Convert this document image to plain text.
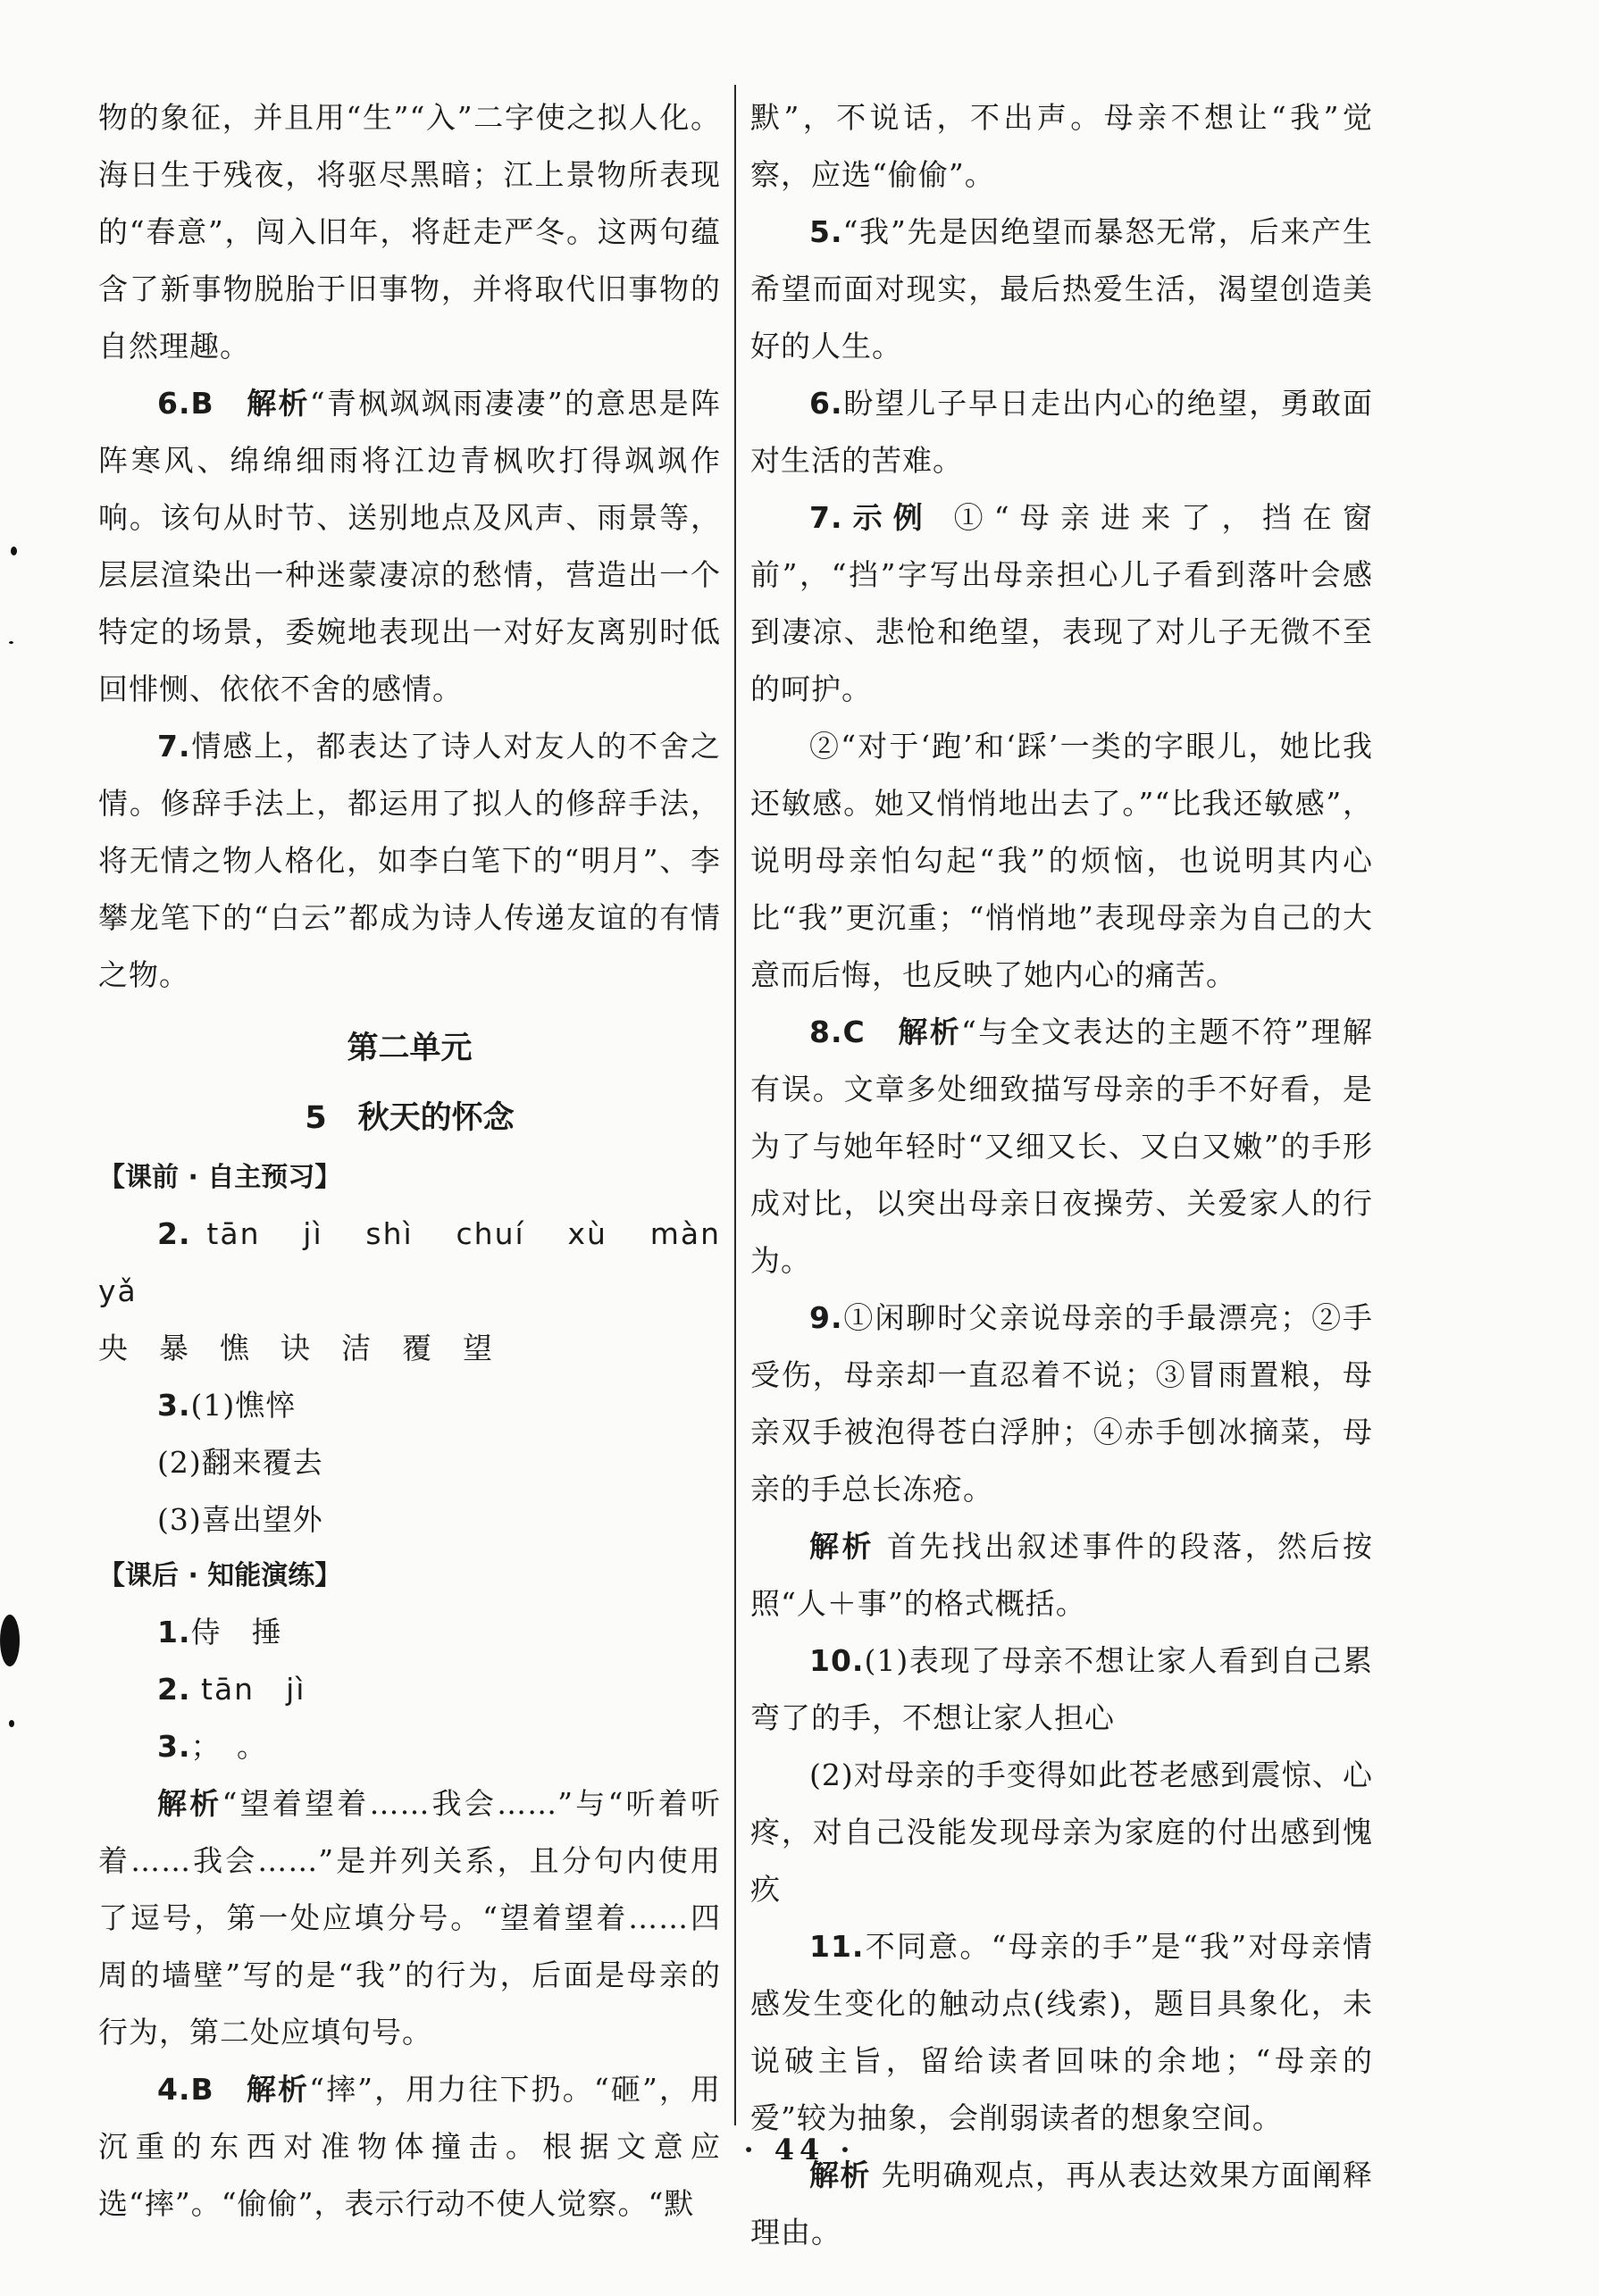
物的象征，并且用“生”“入”二字使之拟人化。海日生于残夜，将驱尽黑暗；江上景物所表现的“春意”，闯入旧年，将赶走严冬。这两句蕴含了新事物脱胎于旧事物，并将取代旧事物的自然理趣。

6.B　 解析“青枫飒飒雨凄凄”的意思是阵阵寒风、绵绵细雨将江边青枫吹打得飒飒作响。该句从时节、送别地点及风声、雨景等，层层渲染出一种迷蒙凄凉的愁情，营造出一个特定的场景，委婉地表现出一对好友离别时低回悱恻、依依不舍的感情。

7.情感上，都表达了诗人对友人的不舍之情。修辞手法上，都运用了拟人的修辞手法，将无情之物人格化，如李白笔下的“明月”、李攀龙笔下的“白云”都成为诗人传递友谊的有情之物。

第二单元
5　秋天的怀念
【课前 · 自主预习】

2. tān　jì　shì　chuí　xù　màn　yǎ

央　暴　憔　诀　洁　覆　望

3.(1)憔悴

(2)翻来覆去

(3)喜出望外

【课后 · 知能演练】

1.侍　捶

2. tān　jì

3.；　。

解析“望着望着……我会……”与“听着听着……我会……”是并列关系，且分句内使用了逗号，第一处应填分号。“望着望着……四周的墙壁”写的是“我”的行为，后面是母亲的行为，第二处应填句号。

4.B　 解析“摔”，用力往下扔。“砸”，用沉重的东西对准物体撞击。根据文意应选“摔”。“偷偷”，表示行动不使人觉察。“默

默”，不说话，不出声。母亲不想让“我”觉察，应选“偷偷”。

5.“我”先是因绝望而暴怒无常，后来产生希望而面对现实，最后热爱生活，渴望创造美好的人生。

6.盼望儿子早日走出内心的绝望，勇敢面对生活的苦难。

7.示例 ①“母亲进来了，挡在窗前”，“挡”字写出母亲担心儿子看到落叶会感到凄凉、悲怆和绝望，表现了对儿子无微不至的呵护。

②“对于‘跑’和‘踩’一类的字眼儿，她比我还敏感。她又悄悄地出去了。”“比我还敏感”，说明母亲怕勾起“我”的烦恼，也说明其内心比“我”更沉重；“悄悄地”表现母亲为自己的大意而后悔，也反映了她内心的痛苦。

8.C　 解析“与全文表达的主题不符”理解有误。文章多处细致描写母亲的手不好看，是为了与她年轻时“又细又长、又白又嫩”的手形成对比，以突出母亲日夜操劳、关爱家人的行为。

9.①闲聊时父亲说母亲的手最漂亮；②手受伤，母亲却一直忍着不说；③冒雨置粮，母亲双手被泡得苍白浮肿；④赤手刨冰摘菜，母亲的手总长冻疮。

解析 首先找出叙述事件的段落，然后按照“人＋事”的格式概括。

10.(1)表现了母亲不想让家人看到自己累弯了的手，不想让家人担心

(2)对母亲的手变得如此苍老感到震惊、心疼，对自己没能发现母亲为家庭的付出感到愧疚

11.不同意。“母亲的手”是“我”对母亲情感发生变化的触动点(线索)，题目具象化，未说破主旨，留给读者回味的余地；“母亲的爱”较为抽象，会削弱读者的想象空间。

解析 先明确观点，再从表达效果方面阐释理由。

· 44 ·
